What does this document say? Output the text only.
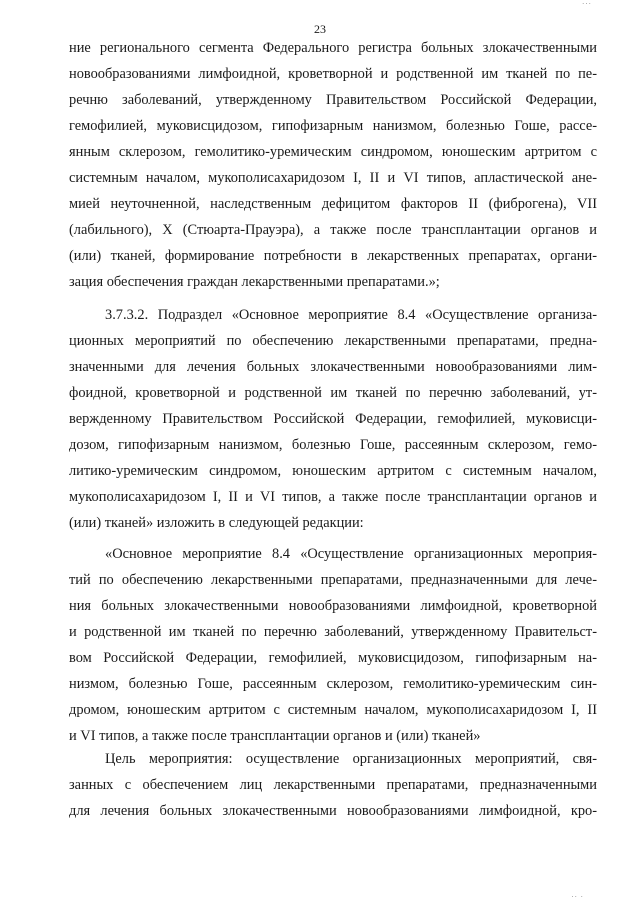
···
23
ние регионального сегмента Федерального регистра больных злокачественными
новообразованиями лимфоидной, кроветворной и родственной им тканей по пе-
речню заболеваний, утвержденному Правительством Российской Федерации,
гемофилией, муковисцидозом, гипофизарным нанизмом, болезнью Гоше, рассе-
янным склерозом, гемолитико-уремическим синдромом, юношеским артритом с
системным началом, мукополисахаридозом I, II и VI типов, апластической ане-
мией неуточненной, наследственным дефицитом факторов II (фиброгена), VII
(лабильного), X (Стюарта-Прауэра), а также после трансплантации органов и
(или) тканей, формирование потребности в лекарственных препаратах, органи-
зация обеспечения граждан лекарственными препаратами.»;
3.7.3.2. Подраздел «Основное мероприятие 8.4 «Осуществление организа-
ционных мероприятий по обеспечению лекарственными препаратами, предна-
значенными для лечения больных злокачественными новообразованиями лим-
фоидной, кроветворной и родственной им тканей по перечню заболеваний, ут-
вержденному Правительством Российской Федерации, гемофилией, муковисци-
дозом, гипофизарным нанизмом, болезнью Гоше, рассеянным склерозом, гемо-
литико-уремическим синдромом, юношеским артритом с системным началом,
мукополисахаридозом I, II и VI типов, а также после трансплантации органов и
(или) тканей» изложить в следующей редакции:
«Основное мероприятие 8.4 «Осуществление организационных мероприя-
тий по обеспечению лекарственными препаратами, предназначенными для лече-
ния больных злокачественными новообразованиями лимфоидной, кроветворной
и родственной им тканей по перечню заболеваний, утвержденному Правительст-
вом Российской Федерации, гемофилией, муковисцидозом, гипофизарным на-
низмом, болезнью Гоше, рассеянным склерозом, гемолитико-уремическим син-
дромом, юношеским артритом с системным началом, мукополисахаридозом I, II
и VI типов, а также после трансплантации органов и (или) тканей»
Цель мероприятия: осуществление организационных мероприятий, свя-
занных с обеспечением лиц лекарственными препаратами, предназначенными
для лечения больных злокачественными новообразованиями лимфоидной, кро-
·· ·
